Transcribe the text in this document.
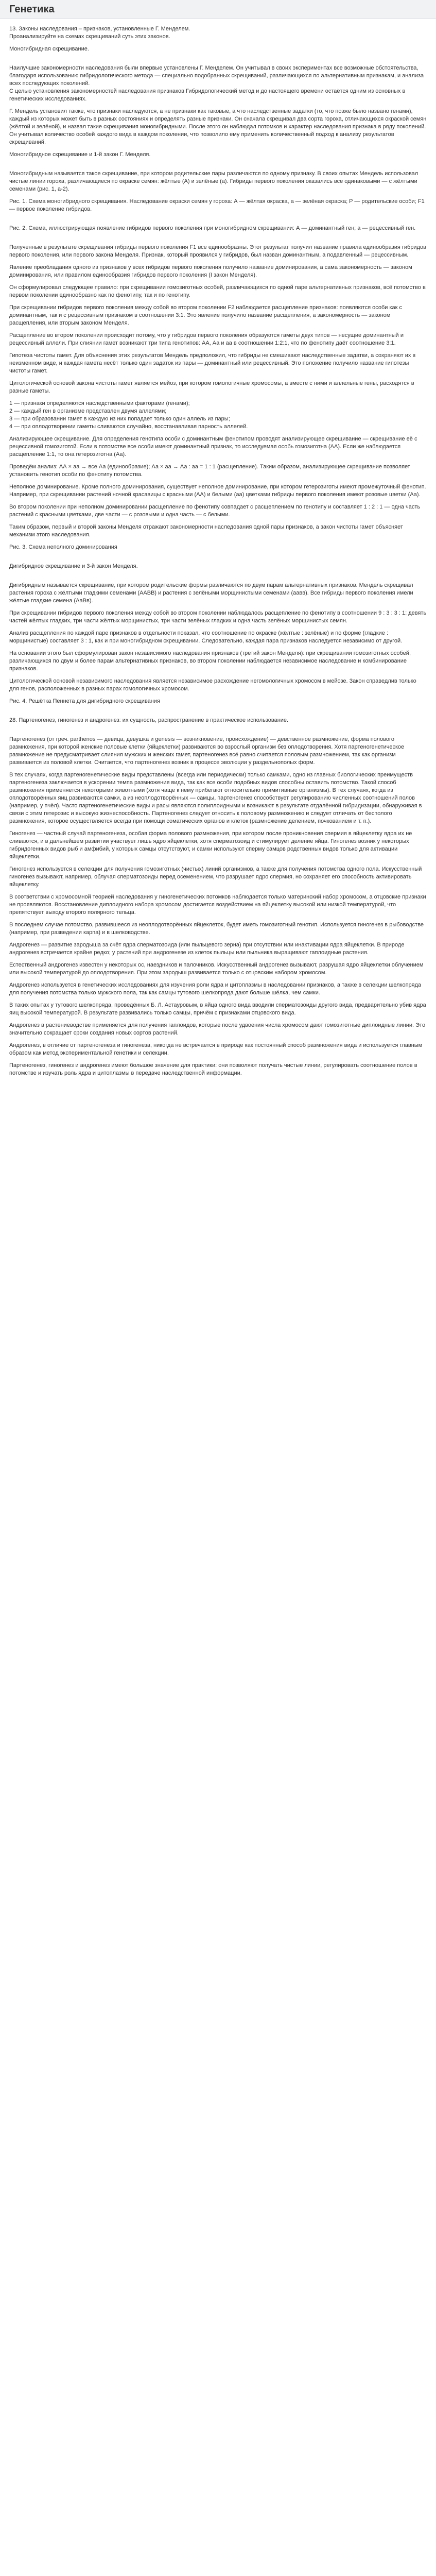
Генетика

13. Законы наследования – признаков, установленные Г. Менделем.
Проанализируйте на схемах скрещиваний суть этих законов.

Моногибридная скрещивание.

Наилучшие закономерности наследования были впервые установлены Г. Менделем. Он учитывал в своих экспериментах все возможные обстоятельства, благодаря использованию гибридологического метода — специально подобранных скрещиваний, различающихся по альтернативным признакам, и анализа всех последующих поколений.
С целью установления закономерностей наследования признаков Гибридологический метод и до настоящего времени остаётся одним из основных в генетических исследованиях.

Г. Мендель установил также, что признаки наследуются, а не признаки как таковые, а что наследственные задатки (то, что позже было названо генами), каждый из которых может быть в разных состояниях и определять разные признаки. Он сначала скрещивал два сорта гороха, отличающихся окраской семян (жёлтой и зелёной), и назвал такие скрещивания моногибридными. После этого он наблюдал потомков и характер наследования признака в ряду поколений. Он учитывал количество особей каждого вида в каждом поколении, что позволило ему применить количественный подход к анализу результатов скрещиваний.

Моногибридное скрещивание и 1-й закон Г. Менделя.

Моногибридным называется такое скрещивание, при котором родительские пары различаются по одному признаку. В своих опытах Мендель использовал чистые линии гороха, различающиеся по окраске семян: жёлтые (А) и зелёные (а). Гибриды первого поколения оказались все одинаковыми — с жёлтыми семенами (рис. 1, а-2).

Рис. 1. Схема моногибридного скрещивания. Наследование окраски семян у гороха: А — жёлтая окраска, а — зелёная окраска; P — родительские особи; F1 — первое поколение гибридов.

Рис. 2. Схема, иллюстрирующая появление гибридов первого поколения при моногибридном скрещивании: А — доминантный ген; а — рецессивный ген.

Полученные в результате скрещивания гибриды первого поколения F1 все единообразны. Этот результат получил название правила единообразия гибридов первого поколения, или первого закона Менделя. Признак, который проявился у гибридов, был назван доминантным, а подавленный — рецессивным.

Явление преобладания одного из признаков у всех гибридов первого поколения получило название доминирования, а сама закономерность — законом доминирования, или правилом единообразия гибридов первого поколения (I закон Менделя).

Он сформулировал следующее правило: при скрещивании гомозиготных особей, различающихся по одной паре альтернативных признаков, всё потомство в первом поколении единообразно как по фенотипу, так и по генотипу.

При скрещивании гибридов первого поколения между собой во втором поколении F2 наблюдается расщепление признаков: появляются особи как с доминантным, так и с рецессивным признаком в соотношении 3:1. Это явление получило название расщепления, а закономерность — законом расщепления, или вторым законом Менделя.

Расщепление во втором поколении происходит потому, что у гибридов первого поколения образуются гаметы двух типов — несущие доминантный и рецессивный аллели. При слиянии гамет возникают три типа генотипов: АА, Аа и аа в соотношении 1:2:1, что по фенотипу даёт соотношение 3:1.

Гипотеза чистоты гамет. Для объяснения этих результатов Мендель предположил, что гибриды не смешивают наследственные задатки, а сохраняют их в неизменном виде, и каждая гамета несёт только один задаток из пары — доминантный или рецессивный. Это положение получило название гипотезы чистоты гамет.

Цитологической основой закона чистоты гамет является мейоз, при котором гомологичные хромосомы, а вместе с ними и аллельные гены, расходятся в разные гаметы.

1 — признаки определяются наследственными факторами (генами);
2 — каждый ген в организме представлен двумя аллелями;
3 — при образовании гамет в каждую из них попадает только один аллель из пары;
4 — при оплодотворении гаметы сливаются случайно, восстанавливая парность аллелей.

Анализирующее скрещивание. Для определения генотипа особи с доминантным фенотипом проводят анализирующее скрещивание — скрещивание её с рецессивной гомозиготой. Если в потомстве все особи имеют доминантный признак, то исследуемая особь гомозиготна (АА). Если же наблюдается расщепление 1:1, то она гетерозиготна (Аа).

Проведём анализ: АА × аа → все Аа (единообразие); Аа × аа → Аа : аа = 1 : 1 (расщепление). Таким образом, анализирующее скрещивание позволяет установить генотип особи по фенотипу потомства.

Неполное доминирование. Кроме полного доминирования, существует неполное доминирование, при котором гетерозиготы имеют промежуточный фенотип. Например, при скрещивании растений ночной красавицы с красными (АА) и белыми (аа) цветками гибриды первого поколения имеют розовые цветки (Аа).

Во втором поколении при неполном доминировании расщепление по фенотипу совпадает с расщеплением по генотипу и составляет 1 : 2 : 1 — одна часть растений с красными цветками, две части — с розовыми и одна часть — с белыми.

Таким образом, первый и второй законы Менделя отражают закономерности наследования одной пары признаков, а закон чистоты гамет объясняет механизм этого наследования.

Рис. 3. Схема неполного доминирования

Дигибридное скрещивание и 3-й закон Менделя.

Дигибридным называется скрещивание, при котором родительские формы различаются по двум парам альтернативных признаков. Мендель скрещивал растения гороха с жёлтыми гладкими семенами (ААВВ) и растения с зелёными морщинистыми семенами (аавв). Все гибриды первого поколения имели жёлтые гладкие семена (АаВв).

При скрещивании гибридов первого поколения между собой во втором поколении наблюдалось расщепление по фенотипу в соотношении 9 : 3 : 3 : 1: девять частей жёлтых гладких, три части жёлтых морщинистых, три части зелёных гладких и одна часть зелёных морщинистых семян.

Анализ расщепления по каждой паре признаков в отдельности показал, что соотношение по окраске (жёлтые : зелёные) и по форме (гладкие : морщинистые) составляет 3 : 1, как и при моногибридном скрещивании. Следовательно, каждая пара признаков наследуется независимо от другой.

На основании этого был сформулирован закон независимого наследования признаков (третий закон Менделя): при скрещивании гомозиготных особей, различающихся по двум и более парам альтернативных признаков, во втором поколении наблюдается независимое наследование и комбинирование признаков.

Цитологической основой независимого наследования является независимое расхождение негомологичных хромосом в мейозе. Закон справедлив только для генов, расположенных в разных парах гомологичных хромосом.

Рис. 4. Решётка Пеннета для дигибридного скрещивания

28. Партеногенез, гиногенез и андрогенез: их сущность, распространение в практическое использование.

Партеногенез (от греч. parthenos — девица, девушка и genesis — возникновение, происхождение) — девственное размножение, форма полового размножения, при которой женские половые клетки (яйцеклетки) развиваются во взрослый организм без оплодотворения. Хотя партеногенетическое размножение не предусматривает слияния мужских и женских гамет, партеногенез всё равно считается половым размножением, так как организм развивается из половой клетки. Считается, что партеногенез возник в процессе эволюции у раздельнополых форм.

В тех случаях, когда партеногенетические виды представлены (всегда или периодически) только самками, одно из главных биологических преимуществ партеногенеза заключается в ускорении темпа размножения вида, так как все особи подобных видов способны оставить потомство. Такой способ размножения применяется некоторыми животными (хотя чаще к нему прибегают относительно примитивные организмы). В тех случаях, когда из оплодотворённых яиц развиваются самки, а из неоплодотворённых — самцы, партеногенез способствует регулированию численных соотношений полов (например, у пчёл). Часто партеногенетические виды и расы являются полиплоидными и возникают в результате отдалённой гибридизации, обнаруживая в связи с этим гетерозис и высокую жизнеспособность. Партеногенез следует относить к половому размножению и следует отличать от бесполого размножения, которое осуществляется всегда при помощи соматических органов и клеток (размножение делением, почкованием и т. п.).

Гиногенез — частный случай партеногенеза, особая форма полового размножения, при котором после проникновения спермия в яйцеклетку ядра их не сливаются, и в дальнейшем развитии участвует лишь ядро яйцеклетки, хотя сперматозоид и стимулирует деление яйца. Гиногенез возник у некоторых гибридогенных видов рыб и амфибий, у которых самцы отсутствуют, и самки используют сперму самцов родственных видов только для активации яйцеклетки.

Гиногенез используется в селекции для получения гомозиготных (чистых) линий организмов, а также для получения потомства одного пола. Искусственный гиногенез вызывают, например, облучая сперматозоиды перед осеменением, что разрушает ядро спермия, но сохраняет его способность активировать яйцеклетку.

В соответствии с хромосомной теорией наследования у гиногенетических потомков наблюдается только материнский набор хромосом, а отцовские признаки не проявляются. Восстановление диплоидного набора хромосом достигается воздействием на яйцеклетку высокой или низкой температурой, что препятствует выходу второго полярного тельца.

В последнем случае потомство, развившееся из неоплодотворённых яйцеклеток, будет иметь гомозиготный генотип. Используется гиногенез в рыбоводстве (например, при разведении карпа) и в шелководстве.

Андрогенез — развитие зародыша за счёт ядра сперматозоида (или пыльцевого зерна) при отсутствии или инактивации ядра яйцеклетки. В природе андрогенез встречается крайне редко; у растений при андрогенезе из клеток пыльцы или пыльника выращивают гаплоидные растения.

Естественный андрогенез известен у некоторых ос, наездников и палочников. Искусственный андрогенез вызывают, разрушая ядро яйцеклетки облучением или высокой температурой до оплодотворения. При этом зародыш развивается только с отцовским набором хромосом.

Андрогенез используется в генетических исследованиях для изучения роли ядра и цитоплазмы в наследовании признаков, а также в селекции шелкопряда для получения потомства только мужского пола, так как самцы тутового шелкопряда дают больше шёлка, чем самки.

В таких опытах у тутового шелкопряда, проведённых Б. Л. Астауровым, в яйца одного вида вводили сперматозоиды другого вида, предварительно убив ядра яиц высокой температурой. В результате развивались только самцы, причём с признаками отцовского вида.

Андрогенез в растениеводстве применяется для получения гаплоидов, которые после удвоения числа хромосом дают гомозиготные диплоидные линии. Это значительно сокращает сроки создания новых сортов растений.

Андрогенез, в отличие от партеногенеза и гиногенеза, никогда не встречается в природе как постоянный способ размножения вида и используется главным образом как метод экспериментальной генетики и селекции.

Партеногенез, гиногенез и андрогенез имеют большое значение для практики: они позволяют получать чистые линии, регулировать соотношение полов в потомстве и изучать роль ядра и цитоплазмы в передаче наследственной информации.
